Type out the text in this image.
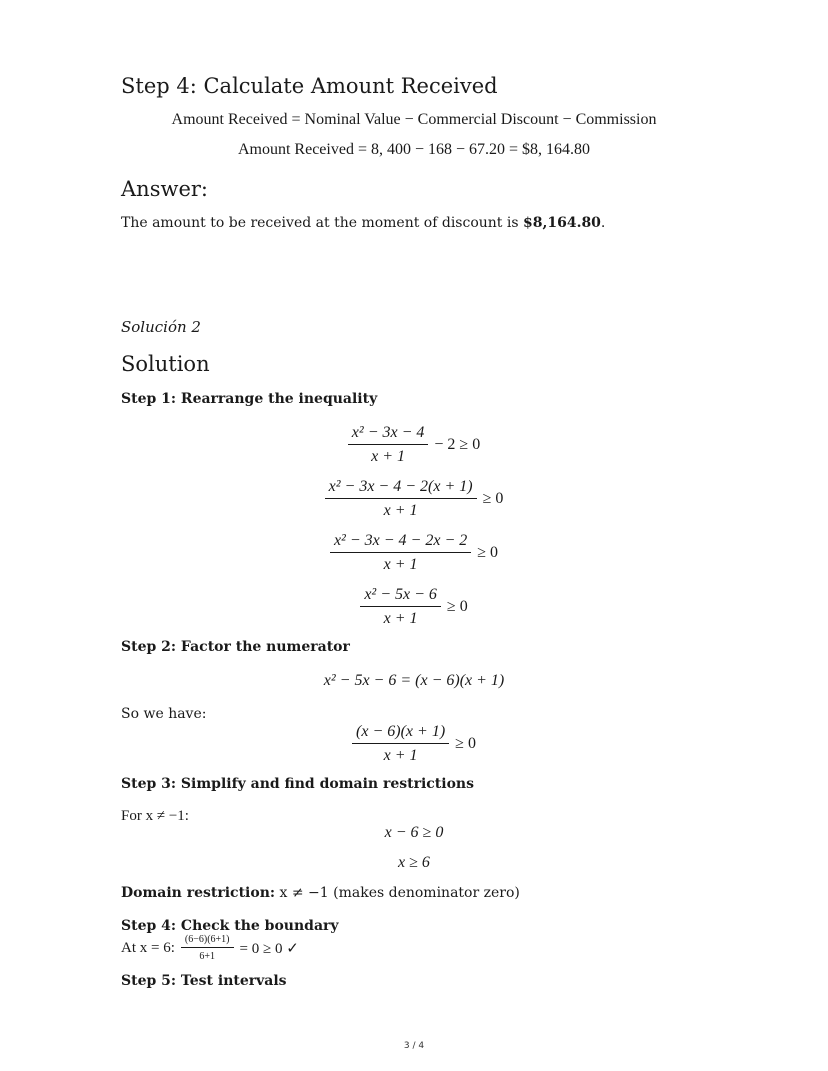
Step 4: Calculate Amount Received
Amount Received = Nominal Value − Commercial Discount − Commission
Amount Received = 8, 400 − 168 − 67.20 = $8, 164.80
Answer:
The amount to be received at the moment of discount is $8,164.80.
Solución 2
Solution
Step 1: Rearrange the inequality
$\frac{\text{x² − 3x − 4}}{x + 1} - 2 \ge 0$
$\frac{\text{x² − 3x − 4 − 2(x + 1)}}{x + 1} \ge 0$
$\frac{\text{x² − 3x − 4 − 2x − 2}}{x + 1} \ge 0$
$\frac{\text{x² − 5x − 6}}{x + 1} \ge 0$
Step 2: Factor the numerator
x² − 5x − 6 = (x − 6)(x + 1)
So we have:
$\frac{(x - 6)(x + 1)}{x + 1} \ge 0$
Step 3: Simplify and find domain restrictions
For x ≠ −1:
x − 6 ≥ 0
x ≥ 6
Domain restriction: x ≠ −1 (makes denominator zero)
Step 4: Check the boundary
At x = 6: $\frac{(6-6)(6+1)}{6+1} = 0 \ge 0$ ✓
Step 5: Test intervals
3 / 4
